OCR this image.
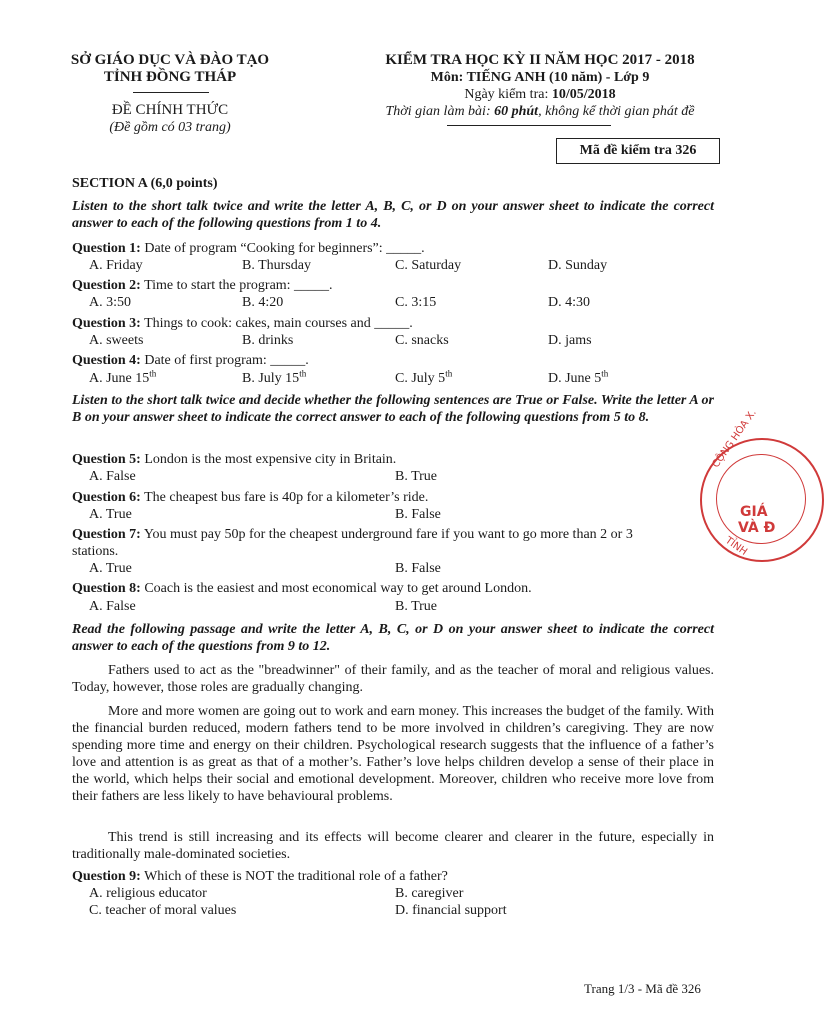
SỞ GIÁO DỤC VÀ ĐÀO TẠO
TỈNH ĐỒNG THÁP
ĐỀ CHÍNH THỨC
(Đề gồm có 03 trang)
KIỂM TRA HỌC KỲ II NĂM HỌC 2017 - 2018
Môn: TIẾNG ANH (10 năm) - Lớp 9
Ngày kiểm tra: 10/05/2018
Thời gian làm bài: 60 phút, không kể thời gian phát đề
Mã đề kiểm tra 326
SECTION A (6,0 points)
Listen to the short talk twice and write the letter A, B, C, or D on your answer sheet to indicate the correct answer to each of the following questions from 1 to 4.
Question 1: Date of program “Cooking for beginners”: _____.
A. Friday	B. Thursday	C. Saturday	D. Sunday
Question 2: Time to start the program: _____.
A. 3:50	B. 4:20	C. 3:15	D. 4:30
Question 3: Things to cook: cakes, main courses and _____.
A. sweets	B. drinks	C. snacks	D. jams
Question 4: Date of first program: _____.
A. June 15th	B. July 15th	C. July 5th	D. June 5th
Listen to the short talk twice and decide whether the following sentences are True or False. Write the letter A or B on your answer sheet to indicate the correct answer to each of the following questions from 5 to 8.
Question 5: London is the most expensive city in Britain.
A. False	B. True
Question 6: The cheapest bus fare is 40p for a kilometer’s ride.
A. True	B. False
Question 7: You must pay 50p for the cheapest underground fare if you want to go more than 2 or 3
stations.
A. True	B. False
Question 8: Coach is the easiest and most economical way to get around London.
A. False	B. True
Read the following passage and write the letter A, B, C, or D on your answer sheet to indicate the correct answer to each of the questions from 9 to 12.
Fathers used to act as the "breadwinner" of their family, and as the teacher of moral and religious values. Today, however, those roles are gradually changing.
More and more women are going out to work and earn money. This increases the budget of the family. With the financial burden reduced, modern fathers tend to be more involved in children’s caregiving. They are now spending more time and energy on their children. Psychological research suggests that the influence of a father’s love and attention is as great as that of a mother’s. Father’s love helps children develop a sense of their place in the world, which helps their social and emotional development. Moreover, children who receive more love from their fathers are less likely to have behavioural problems.
This trend is still increasing and its effects will become clearer and clearer in the future, especially in traditionally male-dominated societies.
Question 9: Which of these is NOT the traditional role of a father?
A. religious educator	B. caregiver
C. teacher of moral values	D. financial support
CỘNG HÒA X.
GIÁ
VÀ Đ
TỈNH
Trang 1/3 - Mã đề 326
